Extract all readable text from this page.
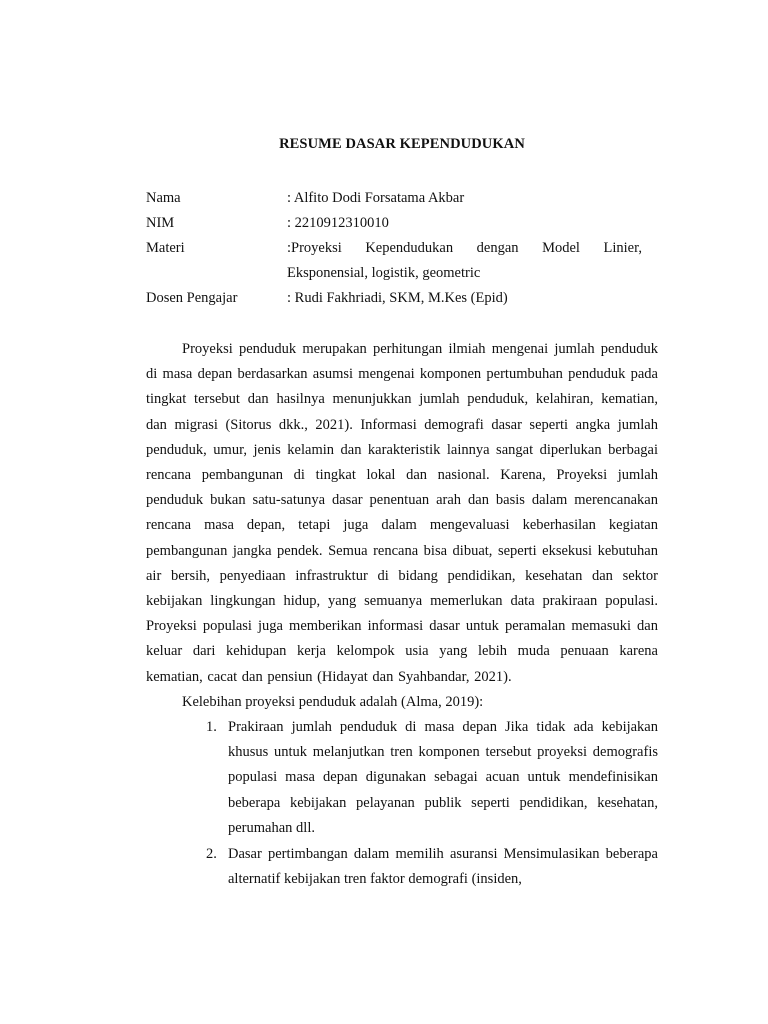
RESUME DASAR KEPENDUDUKAN
Nama	: Alfito Dodi Forsatama Akbar
NIM	: 2210912310010
Materi	:Proyeksi Kependudukan dengan Model Linier, Eksponensial, logistik, geometric
Dosen Pengajar	: Rudi Fakhriadi, SKM, M.Kes (Epid)

Proyeksi penduduk merupakan perhitungan ilmiah mengenai jumlah penduduk di masa depan berdasarkan asumsi mengenai komponen pertumbuhan penduduk pada tingkat tersebut dan hasilnya menunjukkan jumlah penduduk, kelahiran, kematian, dan migrasi (Sitorus dkk., 2021). Informasi demografi dasar seperti angka jumlah penduduk, umur, jenis kelamin dan karakteristik lainnya sangat diperlukan berbagai rencana pembangunan di tingkat lokal dan nasional. Karena, Proyeksi jumlah penduduk bukan satu-satunya dasar penentuan arah dan basis dalam merencanakan rencana masa depan, tetapi juga dalam mengevaluasi keberhasilan kegiatan pembangunan jangka pendek. Semua rencana bisa dibuat, seperti eksekusi kebutuhan air bersih, penyediaan infrastruktur di bidang pendidikan, kesehatan dan sektor kebijakan lingkungan hidup, yang semuanya memerlukan data prakiraan populasi. Proyeksi populasi juga memberikan informasi dasar untuk peramalan memasuki dan keluar dari kehidupan kerja kelompok usia yang lebih muda penuaan karena kematian, cacat dan pensiun (Hidayat dan Syahbandar, 2021).

Kelebihan proyeksi penduduk adalah (Alma, 2019):

1. Prakiraan jumlah penduduk di masa depan Jika tidak ada kebijakan khusus untuk melanjutkan tren komponen tersebut proyeksi demografis populasi masa depan digunakan sebagai acuan untuk mendefinisikan beberapa kebijakan pelayanan publik seperti pendidikan, kesehatan, perumahan dll.
2. Dasar pertimbangan dalam memilih asuransi Mensimulasikan beberapa alternatif kebijakan tren faktor demografi (insiden,
